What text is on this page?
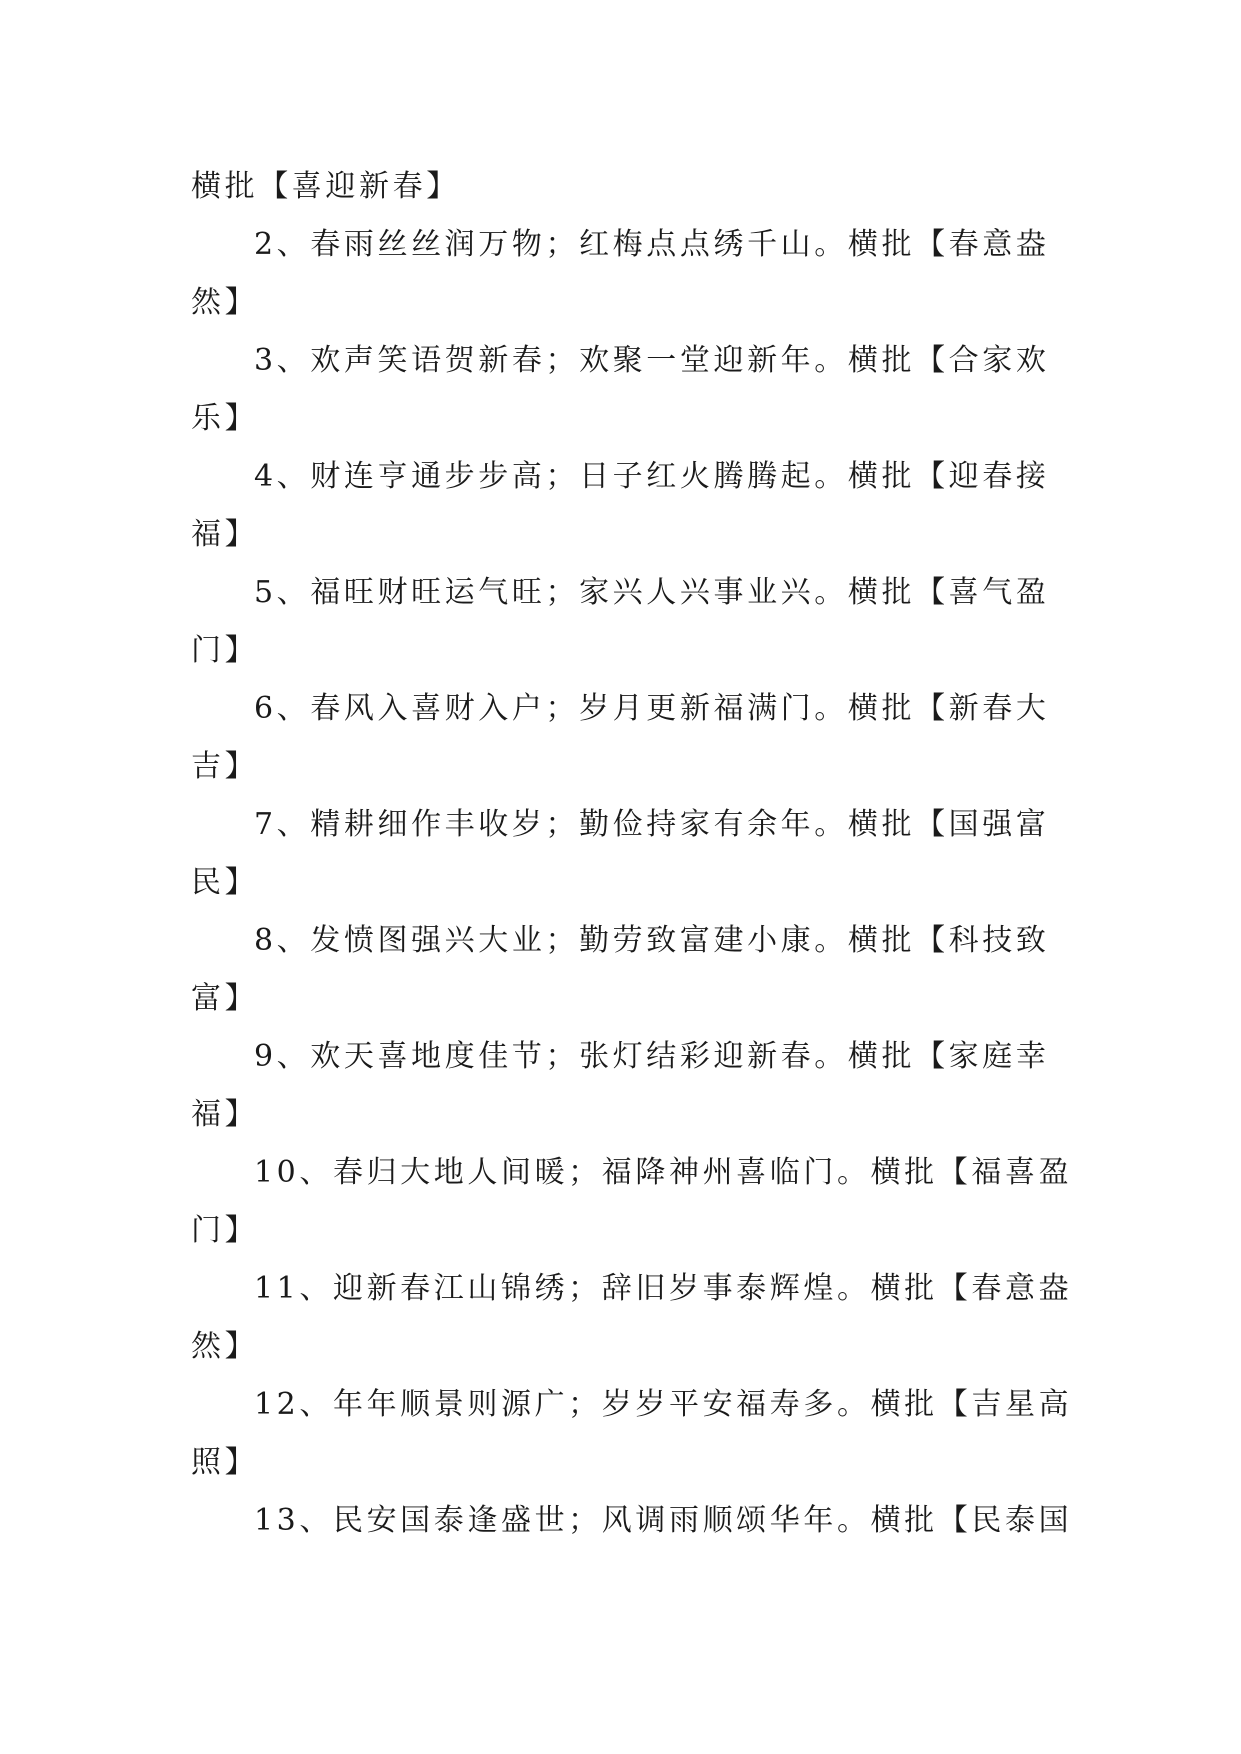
横批【喜迎新春】
2、春雨丝丝润万物；红梅点点绣千山。横批【春意盎
然】
3、欢声笑语贺新春；欢聚一堂迎新年。横批【合家欢
乐】
4、财连亨通步步高；日子红火腾腾起。横批【迎春接
福】
5、福旺财旺运气旺；家兴人兴事业兴。横批【喜气盈
门】
6、春风入喜财入户；岁月更新福满门。横批【新春大
吉】
7、精耕细作丰收岁；勤俭持家有余年。横批【国强富
民】
8、发愤图强兴大业；勤劳致富建小康。横批【科技致
富】
9、欢天喜地度佳节；张灯结彩迎新春。横批【家庭幸
福】
10、春归大地人间暖；福降神州喜临门。横批【福喜盈
门】
11、迎新春江山锦绣；辞旧岁事泰辉煌。横批【春意盎
然】
12、年年顺景则源广；岁岁平安福寿多。横批【吉星高
照】
13、民安国泰逢盛世；风调雨顺颂华年。横批【民泰国
